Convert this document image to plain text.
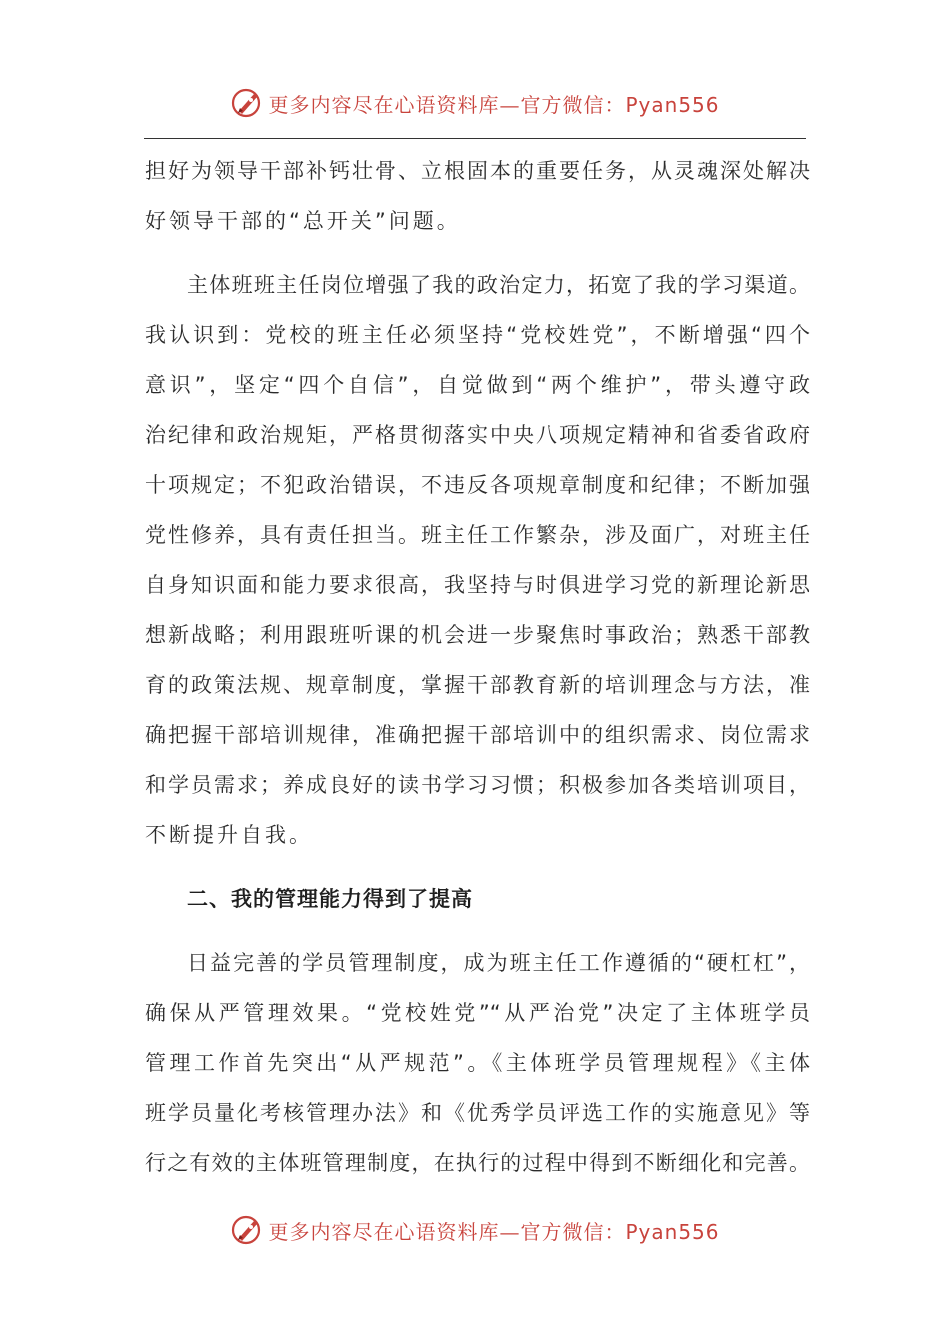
更多内容尽在心语资料库—官方微信：Pyan556
担好为领导干部补钙壮骨、立根固本的重要任务，从灵魂深处解决
好领导干部的“总开关”问题。
主体班班主任岗位增强了我的政治定力，拓宽了我的学习渠道。
我认识到：党校的班主任必须坚持“党校姓党”，不断增强“四个
意识”，坚定“四个自信”，自觉做到“两个维护”，带头遵守政
治纪律和政治规矩，严格贯彻落实中央八项规定精神和省委省政府
十项规定；不犯政治错误，不违反各项规章制度和纪律；不断加强
党性修养，具有责任担当。班主任工作繁杂，涉及面广，对班主任
自身知识面和能力要求很高，我坚持与时俱进学习党的新理论新思
想新战略；利用跟班听课的机会进一步聚焦时事政治；熟悉干部教
育的政策法规、规章制度，掌握干部教育新的培训理念与方法，准
确把握干部培训规律，准确把握干部培训中的组织需求、岗位需求
和学员需求；养成良好的读书学习习惯；积极参加各类培训项目，
不断提升自我。
二、我的管理能力得到了提高
日益完善的学员管理制度，成为班主任工作遵循的“硬杠杠”，
确保从严管理效果。“党校姓党”“从严治党”决定了主体班学员
管理工作首先突出“从严规范”。《主体班学员管理规程》《主体
班学员量化考核管理办法》和《优秀学员评选工作的实施意见》等
行之有效的主体班管理制度，在执行的过程中得到不断细化和完善。
更多内容尽在心语资料库—官方微信：Pyan556
